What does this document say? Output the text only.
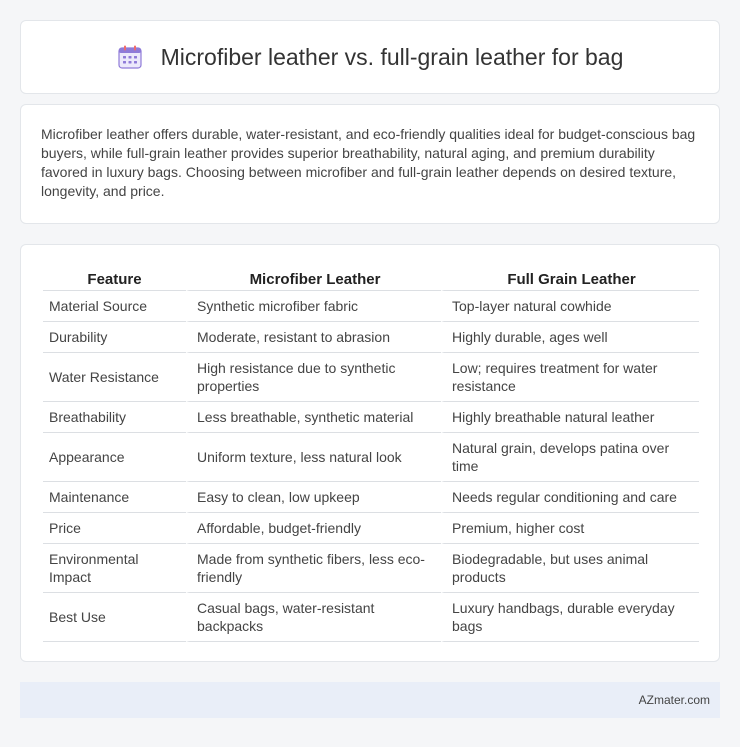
Microfiber leather vs. full-grain leather for bag

Microfiber leather offers durable, water-resistant, and eco-friendly qualities ideal for budget-conscious bag buyers, while full-grain leather provides superior breathability, natural aging, and premium durability favored in luxury bags. Choosing between microfiber and full-grain leather depends on desired texture, longevity, and price.

Feature	Microfiber Leather	Full Grain Leather
Material Source	Synthetic microfiber fabric	Top-layer natural cowhide
Durability	Moderate, resistant to abrasion	Highly durable, ages well
Water Resistance	High resistance due to synthetic properties	Low; requires treatment for water resistance
Breathability	Less breathable, synthetic material	Highly breathable natural leather
Appearance	Uniform texture, less natural look	Natural grain, develops patina over time
Maintenance	Easy to clean, low upkeep	Needs regular conditioning and care
Price	Affordable, budget-friendly	Premium, higher cost
Environmental Impact	Made from synthetic fibers, less eco-friendly	Biodegradable, but uses animal products
Best Use	Casual bags, water-resistant backpacks	Luxury handbags, durable everyday bags
AZmater.com
